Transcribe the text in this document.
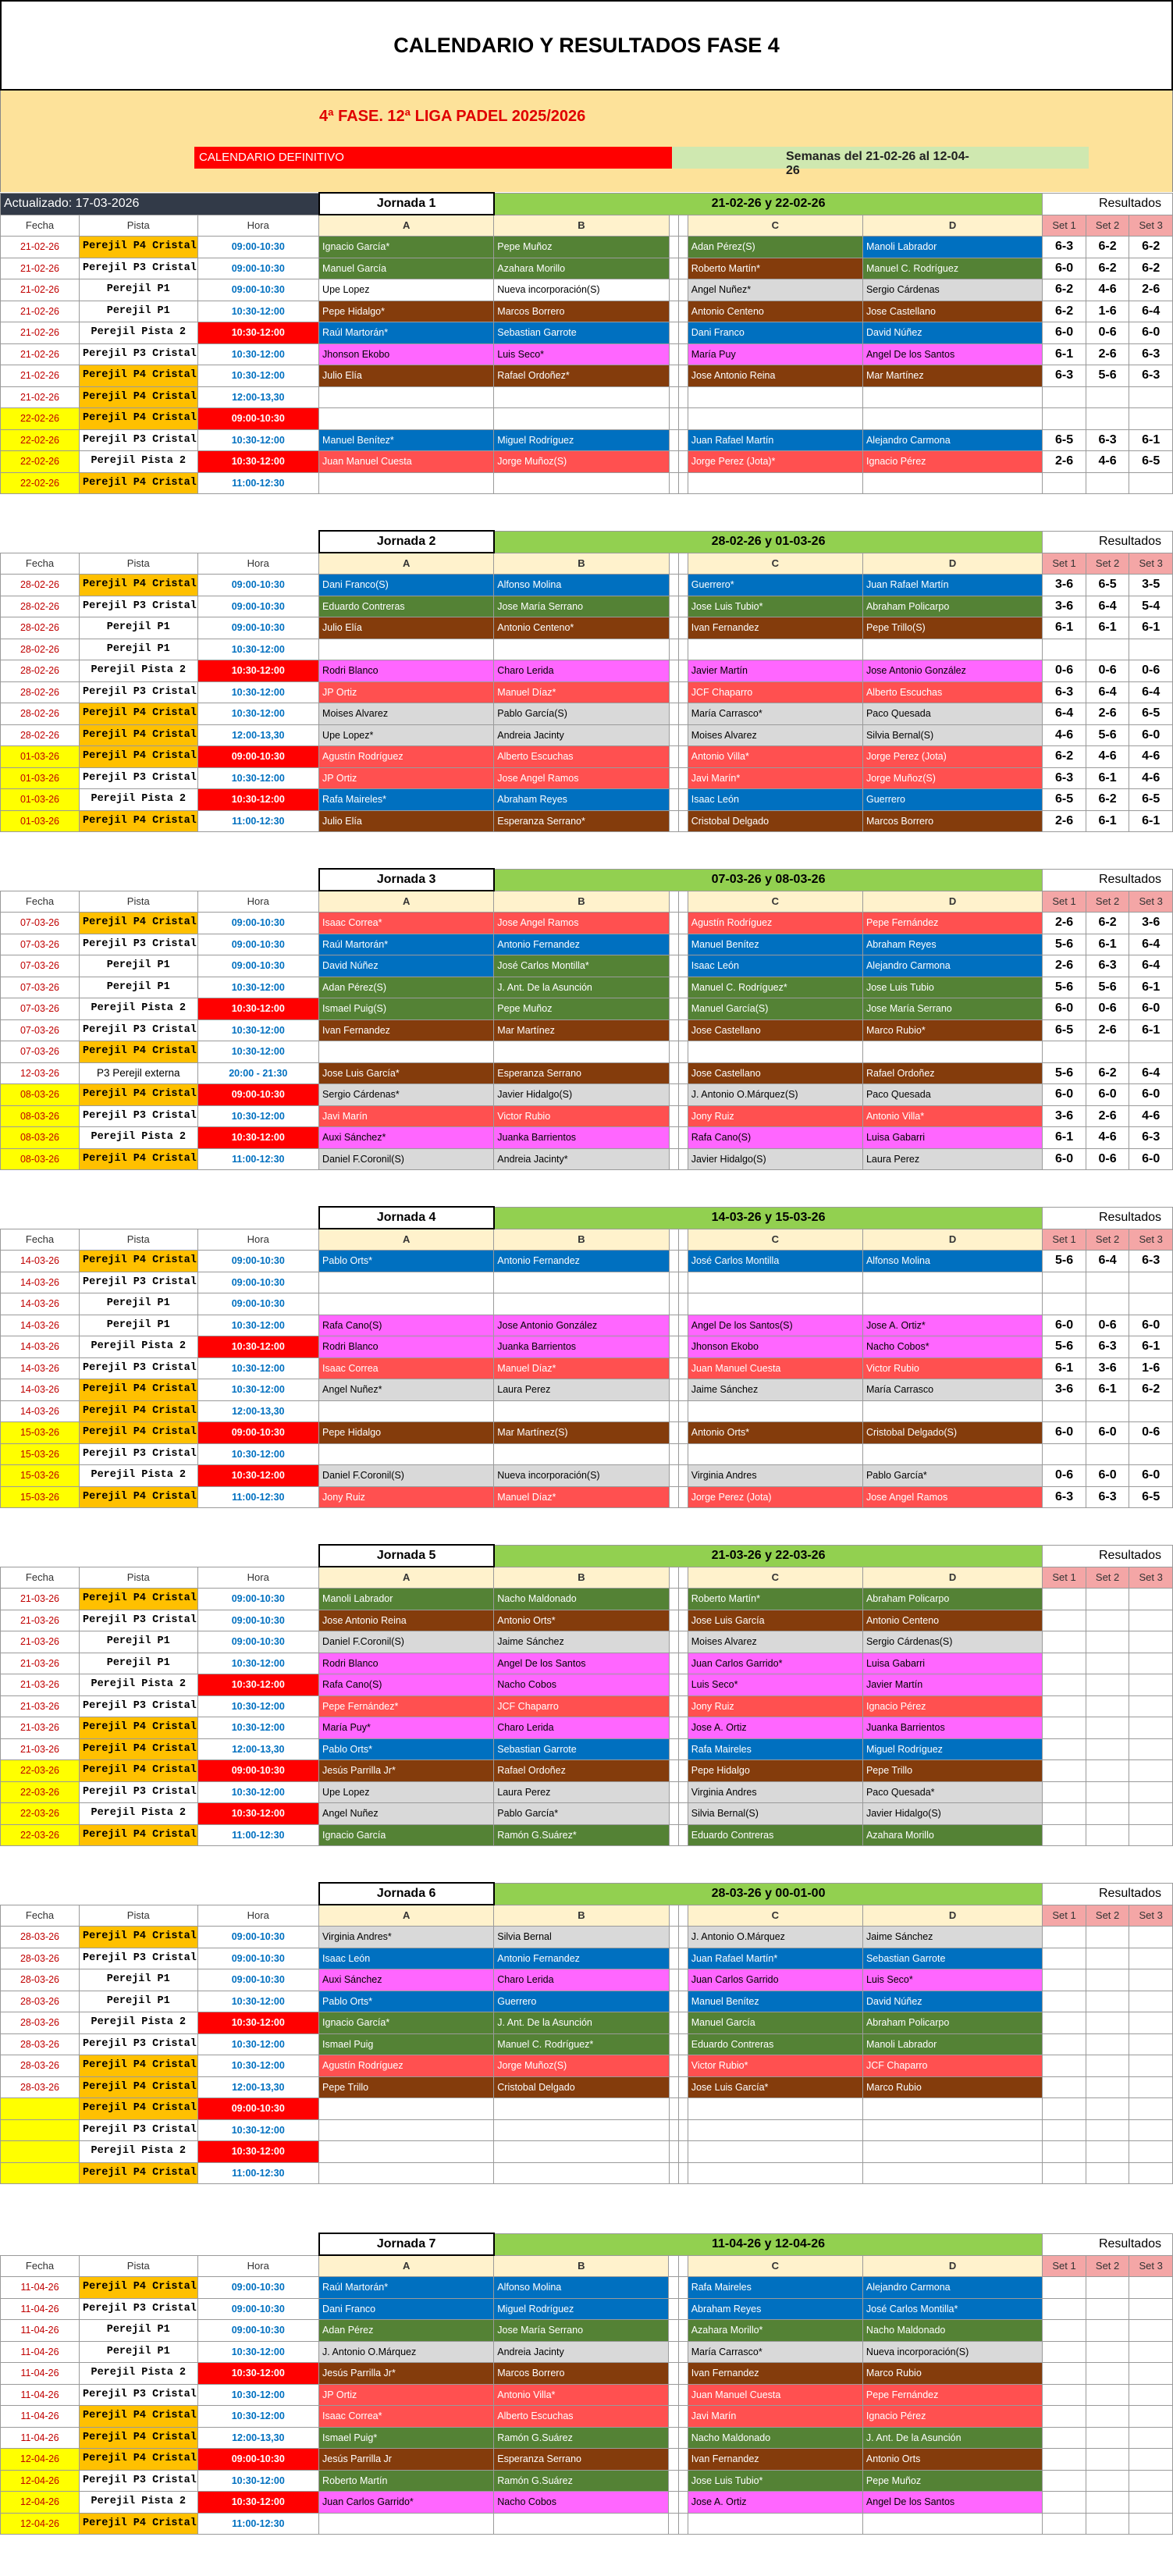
CALENDARIO Y RESULTADOS FASE 4
4ª FASE. 12ª LIGA PADEL 2025/2026
CALENDARIO DEFINITIVO	Semanas del 21-02-26 al 12-04-26
Actualizado: 17-03-2026			Jornada 1	21-02-26 y 22-02-26					Resultados		
Fecha	Pista	Hora	A	B			C	D	Set 1	Set 2	Set 3
21-02-26	Perejil P4 Cristal	09:00-10:30	Ignacio García*	Pepe Muñoz			Adan Pérez(S)	Manoli Labrador	6-3	6-2	6-2
21-02-26	Perejil P3 Cristal	09:00-10:30	Manuel García	Azahara Morillo			Roberto Martín*	Manuel C. Rodríguez	6-0	6-2	6-2
21-02-26	Perejil P1	09:00-10:30	Upe Lopez	Nueva incorporación(S)			Angel Nuñez*	Sergio Cárdenas	6-2	4-6	2-6
21-02-26	Perejil P1	10:30-12:00	Pepe Hidalgo*	Marcos Borrero			Antonio Centeno	Jose Castellano	6-2	1-6	6-4
21-02-26	Perejil Pista 2	10:30-12:00	Raúl Martorán*	Sebastian Garrote			Dani Franco	David Núñez	6-0	0-6	6-0
21-02-26	Perejil P3 Cristal	10:30-12:00	Jhonson Ekobo	Luis Seco*			María Puy	Angel De los Santos	6-1	2-6	6-3
21-02-26	Perejil P4 Cristal	10:30-12:00	Julio Elía	Rafael Ordoñez*			Jose Antonio Reina	Mar Martínez	6-3	5-6	6-3
21-02-26	Perejil P4 Cristal	12:00-13,30									
22-02-26	Perejil P4 Cristal	09:00-10:30									
22-02-26	Perejil P3 Cristal	10:30-12:00	Manuel Benítez*	Miguel Rodríguez			Juan Rafael Martín	Alejandro Carmona	6-5	6-3	6-1
22-02-26	Perejil Pista 2	10:30-12:00	Juan Manuel Cuesta	Jorge Muñoz(S)			Jorge Perez (Jota)*	Ignacio Pérez	2-6	4-6	6-5
22-02-26	Perejil P4 Cristal	11:00-12:30									
			Jornada 2	28-02-26 y 01-03-26					Resultados		
Fecha	Pista	Hora	A	B			C	D	Set 1	Set 2	Set 3
28-02-26	Perejil P4 Cristal	09:00-10:30	Dani Franco(S)	Alfonso Molina			Guerrero*	Juan Rafael Martín	3-6	6-5	3-5
28-02-26	Perejil P3 Cristal	09:00-10:30	Eduardo Contreras	Jose María Serrano			Jose Luis Tubio*	Abraham Policarpo	3-6	6-4	5-4
28-02-26	Perejil P1	09:00-10:30	Julio Elía	Antonio Centeno*			Ivan Fernandez	Pepe Trillo(S)	6-1	6-1	6-1
28-02-26	Perejil P1	10:30-12:00									
28-02-26	Perejil Pista 2	10:30-12:00	Rodri Blanco	Charo Lerida			Javier Martín	Jose Antonio González	0-6	0-6	0-6
28-02-26	Perejil P3 Cristal	10:30-12:00	JP Ortiz	Manuel Díaz*			JCF Chaparro	Alberto Escuchas	6-3	6-4	6-4
28-02-26	Perejil P4 Cristal	10:30-12:00	Moises Alvarez	Pablo García(S)			María Carrasco*	Paco Quesada	6-4	2-6	6-5
28-02-26	Perejil P4 Cristal	12:00-13,30	Upe Lopez*	Andreia Jacinty			Moises Alvarez	Silvia Bernal(S)	4-6	5-6	6-0
01-03-26	Perejil P4 Cristal	09:00-10:30	Agustín Rodríguez	Alberto Escuchas			Antonio Villa*	Jorge Perez (Jota)	6-2	4-6	4-6
01-03-26	Perejil P3 Cristal	10:30-12:00	JP Ortiz	Jose Angel Ramos			Javi Marín*	Jorge Muñoz(S)	6-3	6-1	4-6
01-03-26	Perejil Pista 2	10:30-12:00	Rafa Maireles*	Abraham Reyes			Isaac León	Guerrero	6-5	6-2	6-5
01-03-26	Perejil P4 Cristal	11:00-12:30	Julio Elía	Esperanza Serrano*			Cristobal Delgado	Marcos Borrero	2-6	6-1	6-1
			Jornada 3	07-03-26 y 08-03-26					Resultados		
Fecha	Pista	Hora	A	B			C	D	Set 1	Set 2	Set 3
07-03-26	Perejil P4 Cristal	09:00-10:30	Isaac Correa*	Jose Angel Ramos			Agustín Rodríguez	Pepe Fernández	2-6	6-2	3-6
07-03-26	Perejil P3 Cristal	09:00-10:30	Raúl Martorán*	Antonio Fernandez			Manuel Benítez	Abraham Reyes	5-6	6-1	6-4
07-03-26	Perejil P1	09:00-10:30	David Núñez	José Carlos Montilla*			Isaac León	Alejandro Carmona	2-6	6-3	6-4
07-03-26	Perejil P1	10:30-12:00	Adan Pérez(S)	J. Ant. De la Asunción			Manuel C. Rodríguez*	Jose Luis Tubio	5-6	5-6	6-1
07-03-26	Perejil Pista 2	10:30-12:00	Ismael Puig(S)	Pepe Muñoz			Manuel García(S)	Jose María Serrano	6-0	0-6	6-0
07-03-26	Perejil P3 Cristal	10:30-12:00	Ivan Fernandez	Mar Martínez			Jose Castellano	Marco Rubio*	6-5	2-6	6-1
07-03-26	Perejil P4 Cristal	10:30-12:00									
12-03-26	P3 Perejil externa	20:00 - 21:30	Jose Luis García*	Esperanza Serrano			Jose Castellano	Rafael Ordoñez	5-6	6-2	6-4
08-03-26	Perejil P4 Cristal	09:00-10:30	Sergio Cárdenas*	Javier Hidalgo(S)			J. Antonio O.Márquez(S)	Paco Quesada	6-0	6-0	6-0
08-03-26	Perejil P3 Cristal	10:30-12:00	Javi Marín	Victor Rubio			Jony Ruiz	Antonio Villa*	3-6	2-6	4-6
08-03-26	Perejil Pista 2	10:30-12:00	Auxi Sánchez*	Juanka Barrientos			Rafa Cano(S)	Luisa Gabarri	6-1	4-6	6-3
08-03-26	Perejil P4 Cristal	11:00-12:30	Daniel F.Coronil(S)	Andreia Jacinty*			Javier Hidalgo(S)	Laura Perez	6-0	0-6	6-0
			Jornada 4	14-03-26 y 15-03-26					Resultados		
Fecha	Pista	Hora	A	B			C	D	Set 1	Set 2	Set 3
14-03-26	Perejil P4 Cristal	09:00-10:30	Pablo Orts*	Antonio Fernandez			José Carlos Montilla	Alfonso Molina	5-6	6-4	6-3
14-03-26	Perejil P3 Cristal	09:00-10:30									
14-03-26	Perejil P1	09:00-10:30									
14-03-26	Perejil P1	10:30-12:00	Rafa Cano(S)	Jose Antonio González			Angel De los Santos(S)	Jose A. Ortiz*	6-0	0-6	6-0
14-03-26	Perejil Pista 2	10:30-12:00	Rodri Blanco	Juanka Barrientos			Jhonson Ekobo	Nacho Cobos*	5-6	6-3	6-1
14-03-26	Perejil P3 Cristal	10:30-12:00	Isaac Correa	Manuel Díaz*			Juan Manuel Cuesta	Victor Rubio	6-1	3-6	1-6
14-03-26	Perejil P4 Cristal	10:30-12:00	Angel Nuñez*	Laura Perez			Jaime Sánchez	María Carrasco	3-6	6-1	6-2
14-03-26	Perejil P4 Cristal	12:00-13,30									
15-03-26	Perejil P4 Cristal	09:00-10:30	Pepe Hidalgo	Mar Martínez(S)			Antonio Orts*	Cristobal Delgado(S)	6-0	6-0	0-6
15-03-26	Perejil P3 Cristal	10:30-12:00									
15-03-26	Perejil Pista 2	10:30-12:00	Daniel F.Coronil(S)	Nueva incorporación(S)			Virginia Andres	Pablo García*	0-6	6-0	6-0
15-03-26	Perejil P4 Cristal	11:00-12:30	Jony Ruiz	Manuel Díaz*			Jorge Perez (Jota)	Jose Angel Ramos	6-3	6-3	6-5
			Jornada 5	21-03-26 y 22-03-26					Resultados		
Fecha	Pista	Hora	A	B			C	D	Set 1	Set 2	Set 3
21-03-26	Perejil P4 Cristal	09:00-10:30	Manoli Labrador	Nacho Maldonado			Roberto Martín*	Abraham Policarpo			
21-03-26	Perejil P3 Cristal	09:00-10:30	Jose Antonio Reina	Antonio Orts*			Jose Luis García	Antonio Centeno			
21-03-26	Perejil P1	09:00-10:30	Daniel F.Coronil(S)	Jaime Sánchez			Moises Alvarez	Sergio Cárdenas(S)			
21-03-26	Perejil P1	10:30-12:00	Rodri Blanco	Angel De los Santos			Juan Carlos Garrido*	Luisa Gabarri			
21-03-26	Perejil Pista 2	10:30-12:00	Rafa Cano(S)	Nacho Cobos			Luis Seco*	Javier Martín			
21-03-26	Perejil P3 Cristal	10:30-12:00	Pepe Fernández*	JCF Chaparro			Jony Ruiz	Ignacio Pérez			
21-03-26	Perejil P4 Cristal	10:30-12:00	María Puy*	Charo Lerida			Jose A. Ortiz	Juanka Barrientos			
21-03-26	Perejil P4 Cristal	12:00-13,30	Pablo Orts*	Sebastian Garrote			Rafa Maireles	Miguel Rodríguez			
22-03-26	Perejil P4 Cristal	09:00-10:30	Jesús Parrilla Jr*	Rafael Ordoñez			Pepe Hidalgo	Pepe Trillo			
22-03-26	Perejil P3 Cristal	10:30-12:00	Upe Lopez	Laura Perez			Virginia Andres	Paco Quesada*			
22-03-26	Perejil Pista 2	10:30-12:00	Angel Nuñez	Pablo García*			Silvia Bernal(S)	Javier Hidalgo(S)			
22-03-26	Perejil P4 Cristal	11:00-12:30	Ignacio García	Ramón G.Suárez*			Eduardo Contreras	Azahara Morillo			
			Jornada 6	28-03-26 y 00-01-00					Resultados		
Fecha	Pista	Hora	A	B			C	D	Set 1	Set 2	Set 3
28-03-26	Perejil P4 Cristal	09:00-10:30	Virginia Andres*	Silvia Bernal			J. Antonio O.Márquez	Jaime Sánchez			
28-03-26	Perejil P3 Cristal	09:00-10:30	Isaac León	Antonio Fernandez			Juan Rafael Martín*	Sebastian Garrote			
28-03-26	Perejil P1	09:00-10:30	Auxi Sánchez	Charo Lerida			Juan Carlos Garrido	Luis Seco*			
28-03-26	Perejil P1	10:30-12:00	Pablo Orts*	Guerrero			Manuel Benítez	David Núñez			
28-03-26	Perejil Pista 2	10:30-12:00	Ignacio García*	J. Ant. De la Asunción			Manuel García	Abraham Policarpo			
28-03-26	Perejil P3 Cristal	10:30-12:00	Ismael Puig	Manuel C. Rodríguez*			Eduardo Contreras	Manoli Labrador			
28-03-26	Perejil P4 Cristal	10:30-12:00	Agustín Rodríguez	Jorge Muñoz(S)			Victor Rubio*	JCF Chaparro			
28-03-26	Perejil P4 Cristal	12:00-13,30	Pepe Trillo	Cristobal Delgado			Jose Luis García*	Marco Rubio			
	Perejil P4 Cristal	09:00-10:30									
	Perejil P3 Cristal	10:30-12:00									
	Perejil Pista 2	10:30-12:00									
	Perejil P4 Cristal	11:00-12:30									
			Jornada 7	11-04-26 y 12-04-26					Resultados		
Fecha	Pista	Hora	A	B			C	D	Set 1	Set 2	Set 3
11-04-26	Perejil P4 Cristal	09:00-10:30	Raúl Martorán*	Alfonso Molina			Rafa Maireles	Alejandro Carmona			
11-04-26	Perejil P3 Cristal	09:00-10:30	Dani Franco	Miguel Rodríguez			Abraham Reyes	José Carlos Montilla*			
11-04-26	Perejil P1	09:00-10:30	Adan Pérez	Jose María Serrano			Azahara Morillo*	Nacho Maldonado			
11-04-26	Perejil P1	10:30-12:00	J. Antonio O.Márquez	Andreia Jacinty			María Carrasco*	Nueva incorporación(S)			
11-04-26	Perejil Pista 2	10:30-12:00	Jesús Parrilla Jr*	Marcos Borrero			Ivan Fernandez	Marco Rubio			
11-04-26	Perejil P3 Cristal	10:30-12:00	JP Ortiz	Antonio Villa*			Juan Manuel Cuesta	Pepe Fernández			
11-04-26	Perejil P4 Cristal	10:30-12:00	Isaac Correa*	Alberto Escuchas			Javi Marín	Ignacio Pérez			
11-04-26	Perejil P4 Cristal	12:00-13,30	Ismael Puig*	Ramón G.Suárez			Nacho Maldonado	J. Ant. De la Asunción			
12-04-26	Perejil P4 Cristal	09:00-10:30	Jesús Parrilla Jr	Esperanza Serrano			Ivan Fernandez	Antonio Orts			
12-04-26	Perejil P3 Cristal	10:30-12:00	Roberto Martín	Ramón G.Suárez			Jose Luis Tubio*	Pepe Muñoz			
12-04-26	Perejil Pista 2	10:30-12:00	Juan Carlos Garrido*	Nacho Cobos			Jose A. Ortiz	Angel De los Santos			
12-04-26	Perejil P4 Cristal	11:00-12:30									
